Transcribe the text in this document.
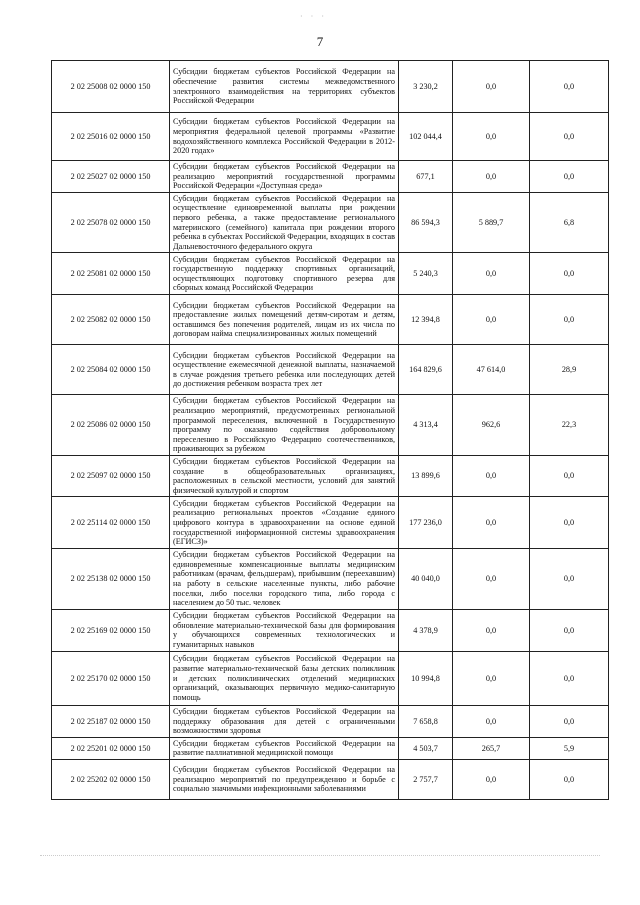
· · ·
7
2 02 25008 02 0000 150	Субсидии бюджетам субъектов Российской Федерации на обеспечение развития системы межведомственного электронного взаимодействия на территориях субъектов Российской Федерации	3 230,2	0,0	0,0
2 02 25016 02 0000 150	Субсидии бюджетам субъектов Российской Федерации на мероприятия федеральной целевой программы «Развитие водохозяйственного комплекса Российской Федерации в 2012-2020 годах»	102 044,4	0,0	0,0
2 02 25027 02 0000 150	Субсидии бюджетам субъектов Российской Федерации на реализацию мероприятий государственной программы Российской Федерации «Доступная среда»	677,1	0,0	0,0
2 02 25078 02 0000 150	Субсидии бюджетам субъектов Российской Федерации на осуществление единовременной выплаты при рождении первого ребенка, а также предоставление регионального материнского (семейного) капитала при рождении второго ребенка в субъектах Российской Федерации, входящих в состав Дальневосточного федерального округа	86 594,3	5 889,7	6,8
2 02 25081 02 0000 150	Субсидии бюджетам субъектов Российской Федерации на государственную поддержку спортивных организаций, осуществляющих подготовку спортивного резерва для сборных команд Российской Федерации	5 240,3	0,0	0,0
2 02 25082 02 0000 150	Субсидии бюджетам субъектов Российской Федерации на предоставление жилых помещений детям-сиротам и детям, оставшимся без попечения родителей, лицам из их числа по договорам найма специализированных жилых помещений	12 394,8	0,0	0,0
2 02 25084 02 0000 150	Субсидии бюджетам субъектов Российской Федерации на осуществление ежемесячной денежной выплаты, назначаемой в случае рождения третьего ребенка или последующих детей до достижения ребенком возраста трех лет	164 829,6	47 614,0	28,9
2 02 25086 02 0000 150	Субсидии бюджетам субъектов Российской Федерации на реализацию мероприятий, предусмотренных региональной программой переселения, включенной в Государственную программу по оказанию содействия добровольному переселению в Российскую Федерацию соотечественников, проживающих за рубежом	4 313,4	962,6	22,3
2 02 25097 02 0000 150	Субсидии бюджетам субъектов Российской Федерации на создание в общеобразовательных организациях, расположенных в сельской местности, условий для занятий физической культурой и спортом	13 899,6	0,0	0,0
2 02 25114 02 0000 150	Субсидии бюджетам субъектов Российской Федерации на реализацию региональных проектов «Создание единого цифрового контура в здравоохранении на основе единой государственной информационной системы здравоохранения (ЕГИСЗ)»	177 236,0	0,0	0,0
2 02 25138 02 0000 150	Субсидии бюджетам субъектов Российской Федерации на единовременные компенсационные выплаты медицинским работникам (врачам, фельдшерам), прибывшим (переехавшим) на работу в сельские населенные пункты, либо рабочие поселки, либо поселки городского типа, либо города с населением до 50 тыс. человек	40 040,0	0,0	0,0
2 02 25169 02 0000 150	Субсидии бюджетам субъектов Российской Федерации на обновление материально-технической базы для формирования у обучающихся современных технологических и гуманитарных навыков	4 378,9	0,0	0,0
2 02 25170 02 0000 150	Субсидии бюджетам субъектов Российской Федерации на развитие материально-технической базы детских поликлиник и детских поликлинических отделений медицинских организаций, оказывающих первичную медико-санитарную помощь	10 994,8	0,0	0,0
2 02 25187 02 0000 150	Субсидии бюджетам субъектов Российской Федерации на поддержку образования для детей с ограниченными возможностями здоровья	7 658,8	0,0	0,0
2 02 25201 02 0000 150	Субсидии бюджетам субъектов Российской Федерации на развитие паллиативной медицинской помощи	4 503,7	265,7	5,9
2 02 25202 02 0000 150	Субсидии бюджетам субъектов Российской Федерации на реализацию мероприятий по предупреждению и борьбе с социально значимыми инфекционными заболеваниями	2 757,7	0,0	0,0
